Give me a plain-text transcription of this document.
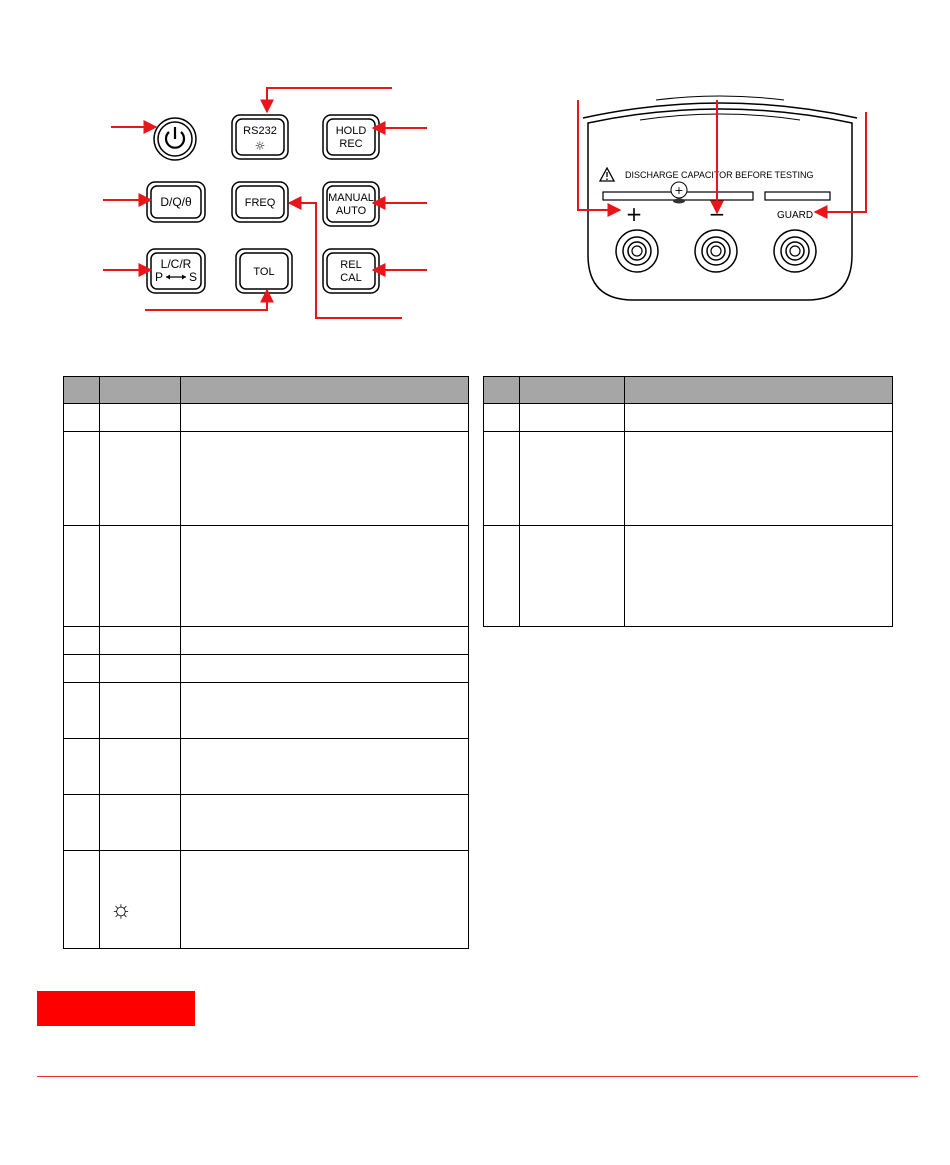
RS232
☼
HOLD
REC
D/Q/θ	FREQ	MANUAL
AUTO
L/C/R
P S	TOL
REL
CAL
DISCHARGE CAPACITOR BEFORE TESTING
+
+	−	GUARD

	☼	
